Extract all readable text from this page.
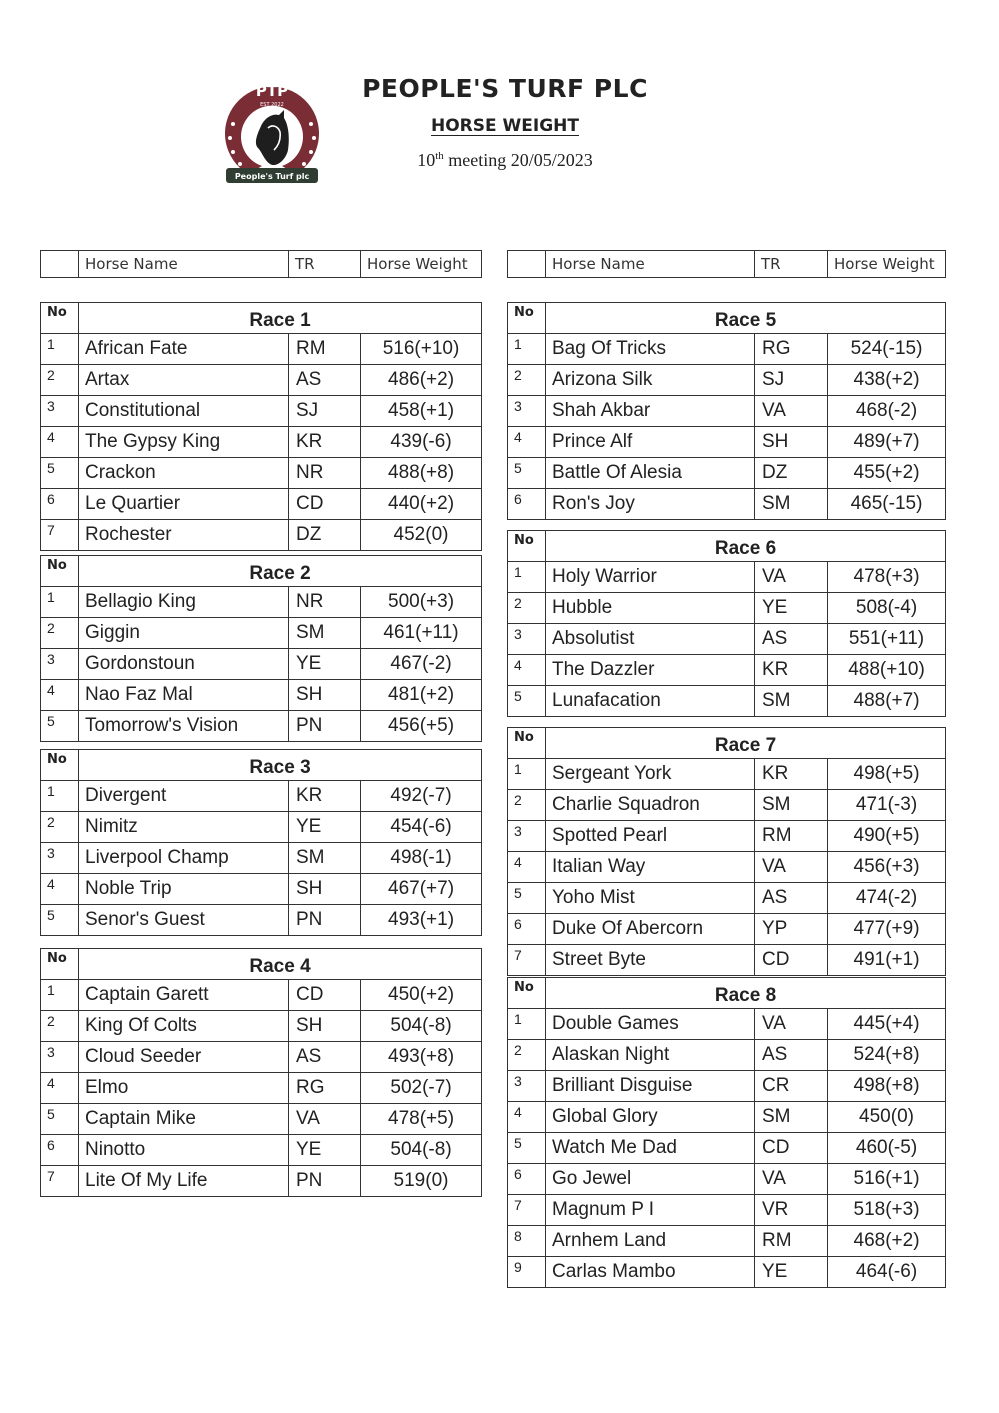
PTP
EST 2022
People's Turf plc
PEOPLE'S TURF PLC
HORSE WEIGHT
10th meeting 20/05/2023
	Horse Name	TR	Horse Weight
		Horse Name	TR	Horse Weight
No	Race 1		
1	African Fate	RM	516(+10)
2	Artax	AS	486(+2)
3	Constitutional	SJ	458(+1)
4	The Gypsy King	KR	439(-6)
5	Crackon	NR	488(+8)
6	Le Quartier	CD	440(+2)
7	Rochester	DZ	452(0)
No	Race 2		
1	Bellagio King	NR	500(+3)
2	Giggin	SM	461(+11)
3	Gordonstoun	YE	467(-2)
4	Nao Faz Mal	SH	481(+2)
5	Tomorrow's Vision	PN	456(+5)
No	Race 3		
1	Divergent	KR	492(-7)
2	Nimitz	YE	454(-6)
3	Liverpool Champ	SM	498(-1)
4	Noble Trip	SH	467(+7)
5	Senor's Guest	PN	493(+1)
No	Race 4		
1	Captain Garett	CD	450(+2)
2	King Of Colts	SH	504(-8)
3	Cloud Seeder	AS	493(+8)
4	Elmo	RG	502(-7)
5	Captain Mike	VA	478(+5)
6	Ninotto	YE	504(-8)
7	Lite Of My Life	PN	519(0)
No	Race 5		
1	Bag Of Tricks	RG	524(-15)
2	Arizona Silk	SJ	438(+2)
3	Shah Akbar	VA	468(-2)
4	Prince Alf	SH	489(+7)
5	Battle Of Alesia	DZ	455(+2)
6	Ron's Joy	SM	465(-15)
No	Race 6		
1	Holy Warrior	VA	478(+3)
2	Hubble	YE	508(-4)
3	Absolutist	AS	551(+11)
4	The Dazzler	KR	488(+10)
5	Lunafacation	SM	488(+7)
No	Race 7		
1	Sergeant York	KR	498(+5)
2	Charlie Squadron	SM	471(-3)
3	Spotted Pearl	RM	490(+5)
4	Italian Way	VA	456(+3)
5	Yoho Mist	AS	474(-2)
6	Duke Of Abercorn	YP	477(+9)
7	Street Byte	CD	491(+1)
No	Race 8		
1	Double Games	VA	445(+4)
2	Alaskan Night	AS	524(+8)
3	Brilliant Disguise	CR	498(+8)
4	Global Glory	SM	450(0)
5	Watch Me Dad	CD	460(-5)
6	Go Jewel	VA	516(+1)
7	Magnum P I	VR	518(+3)
8	Arnhem Land	RM	468(+2)
9	Carlas Mambo	YE	464(-6)
